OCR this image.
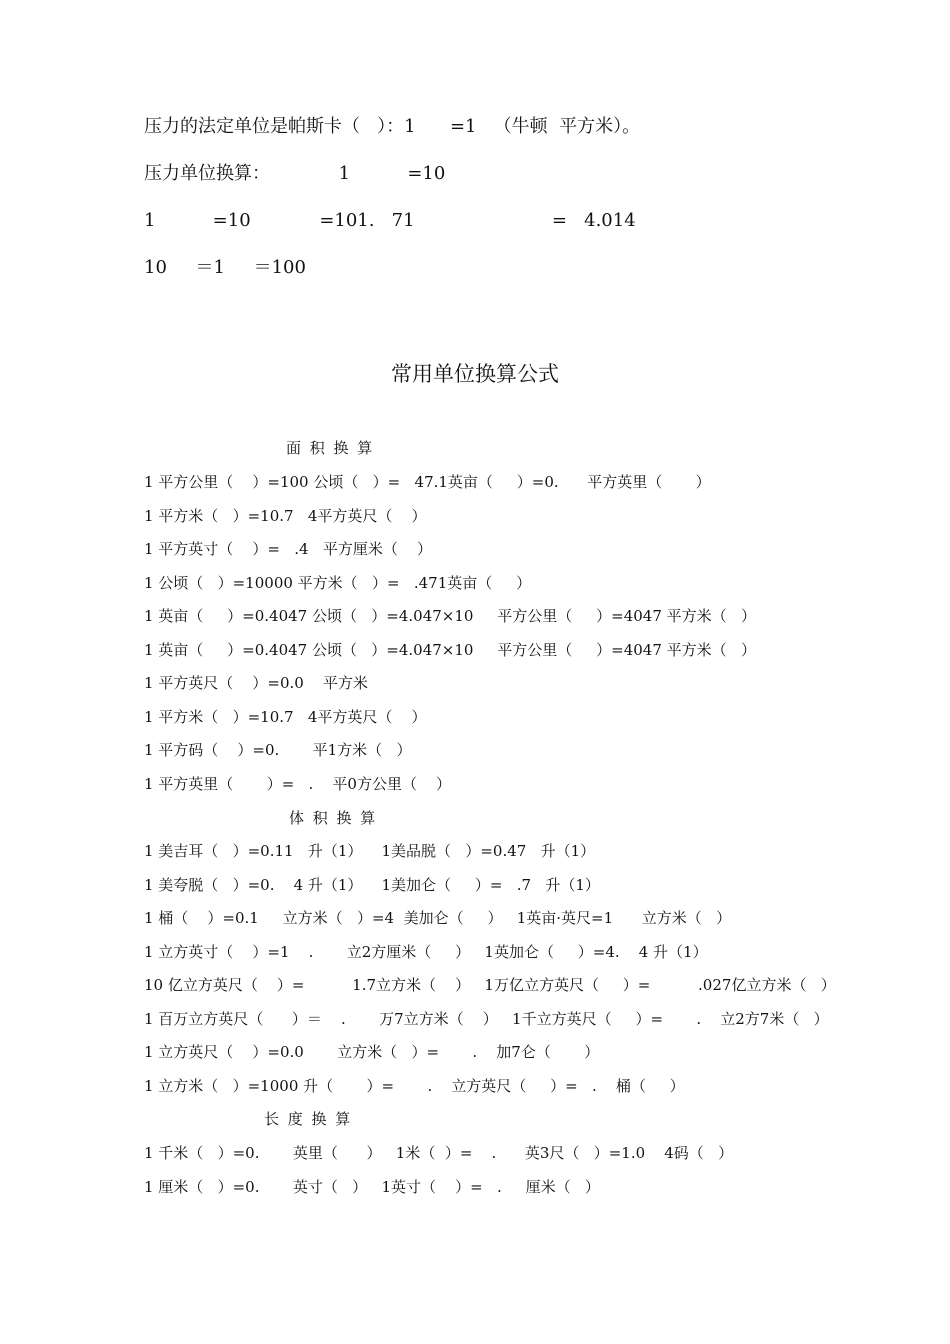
压力的法定单位是帕斯卡（   ）：1      =1   （牛顿  平方米）。
压力单位换算：            1          =10
1          =10            =101.   71                        =   4.014
10     ＝1     ＝100
常用单位换算公式
面 积 换 算
1 平方公里（    ）=100 公顷（   ）=   47.1英亩（     ）=0.      平方英里（       ）
1 平方米（   ）=10.7   4平方英尺（    ）
1 平方英寸（    ）=   .4   平方厘米（    ）
1 公顷（   ）=10000 平方米（   ）=   .471英亩（     ）
1 英亩（     ）=0.4047 公顷（   ）=4.047×10     平方公里（     ）=4047 平方米（   ）
1 英亩（     ）=0.4047 公顷（   ）=4.047×10     平方公里（     ）=4047 平方米（   ）
1 平方英尺（    ）=0.0    平方米
1 平方米（   ）=10.7   4平方英尺（    ）
1 平方码（    ）=0.       平1方米（   ）
1 平方英里（       ）=   .    平0方公里（    ）
体 积 换 算
1 美吉耳（   ）=0.11   升（1）    1美品脱（   ）=0.47   升（1）
1 美夸脱（   ）=0.    4 升（1）    1美加仑（     ）=   .7   升（1）
1 桶（    ）=0.1     立方米（   ）=4  美加仑（     ）   1英亩·英尺=1      立方米（   ）
1 立方英寸（    ）=1    .       立2方厘米（     ）   1英加仑（     ）=4.    4 升（1）
10 亿立方英尺（    ）=          1.7立方米（    ）   1万亿立方英尺（     ）=          .027亿立方米（   ）
1 百万立方英尺（      ）＝    .       万7立方米（    ）   1千立方英尺（     ）=       .    立2方7米（   ）
1 立方英尺（    ）=0.0       立方米（   ）=       .    加7仑（       ）
1 立方米（   ）=1000 升（       ）=       .    立方英尺（     ）=   .    桶（     ）
长 度 换 算
1 千米（   ）=0.       英里（      ）   1米（  ）=    .      英3尺（   ）=1.0    4码（   ）
1 厘米（   ）=0.       英寸（   ）   1英寸（    ）=   .     厘米（   ）
